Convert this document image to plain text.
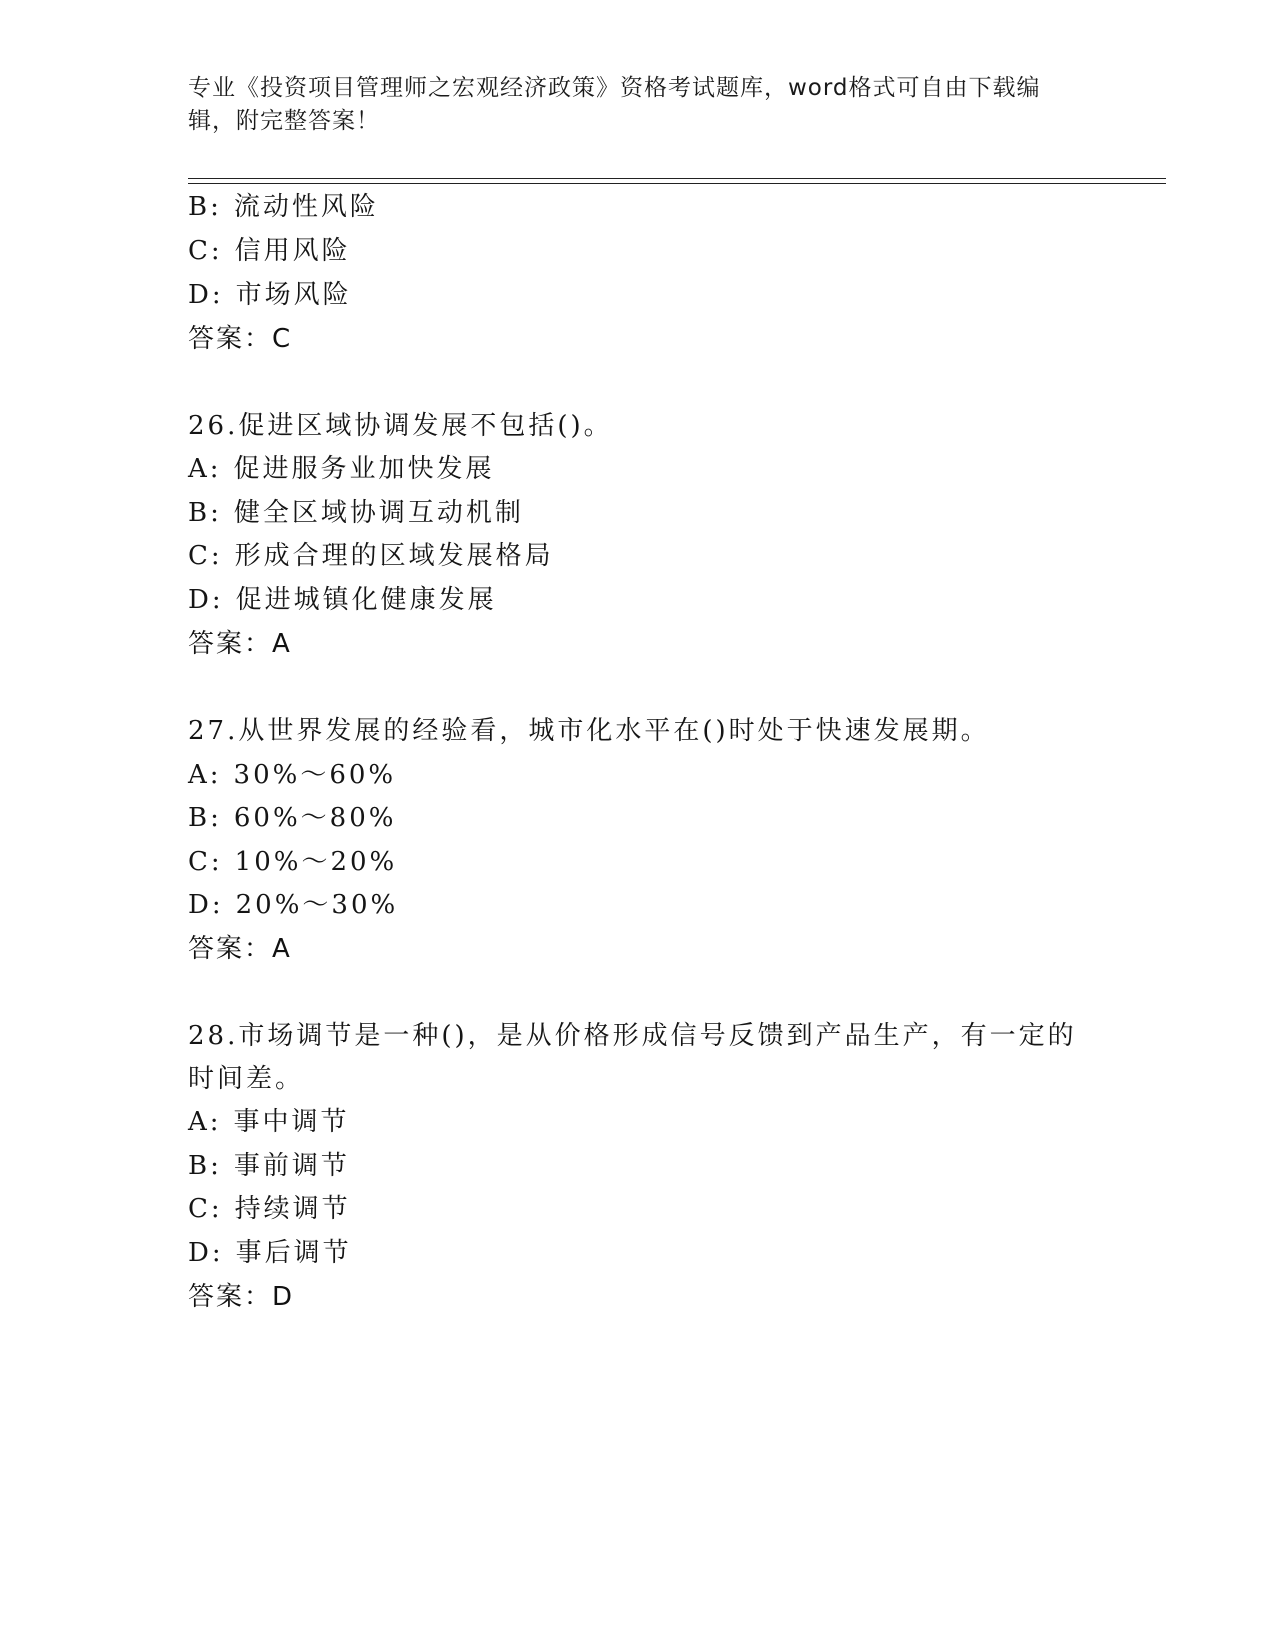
专业《投资项目管理师之宏观经济政策》资格考试题库，word格式可自由下载编辑，附完整答案！
B: 流动性风险
C: 信用风险
D: 市场风险
答案：C
26.促进区域协调发展不包括()。
A: 促进服务业加快发展
B: 健全区域协调互动机制
C: 形成合理的区域发展格局
D: 促进城镇化健康发展
答案：A
27.从世界发展的经验看，城市化水平在()时处于快速发展期。
A: 30%～60%
B: 60%～80%
C: 10%～20%
D: 20%～30%
答案：A
28.市场调节是一种()，是从价格形成信号反馈到产品生产，有一定的
时间差。
A: 事中调节
B: 事前调节
C: 持续调节
D: 事后调节
答案：D
